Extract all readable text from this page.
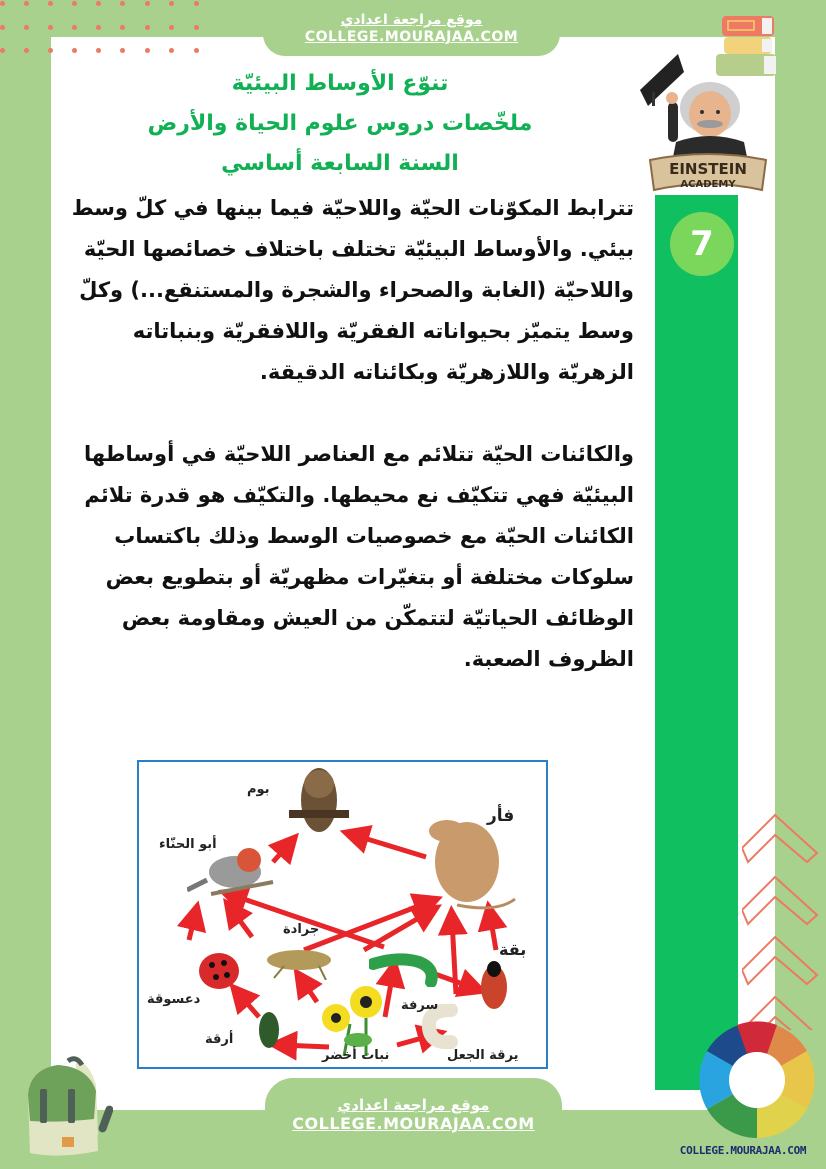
موقع مراجعة اعدادي
COLLEGE.MOURAJAA.COM
تنوّع الأوساط البيئيّة
ملخّصات دروس علوم الحياة والأرض
السنة السابعة أساسي	EINSTEIN
ACADEMY
7

تترابط المكوّنات الحيّة واللاحيّة فيما بينها في كلّ وسط بيئي. والأوساط البيئيّة تختلف باختلاف خصائصها الحيّة واللاحيّة (الغابة والصحراء والشجرة والمستنقع...) وكلّ وسط يتميّز بحيواناته الفقريّة واللافقريّة وبنباتاته الزهريّة واللازهريّة وبكائناته الدقيقة.

والكائنات الحيّة تتلائم مع العناصر اللاحيّة في أوساطها البيئيّة فهي تتكيّف نع محيطها. والتكيّف هو قدرة تلائم الكائنات الحيّة مع خصوصيات الوسط وذلك باكتساب سلوكات مختلفة أو بتغيّرات مظهريّة أو بتطويع بعض الوظائف الحياتيّة لتتمكّن من العيش ومقاومة بعض الظروف الصعبة.

بوم
فأر
أبو الحنّاء
جرادة
دعسوقة	سرفة
بقة
أرقة
نبات أخضر	يرقة الجعل
موقع مراجعة اعدادي
COLLEGE.MOURAJAA.COM
COLLEGE.MOURAJAA.COM
